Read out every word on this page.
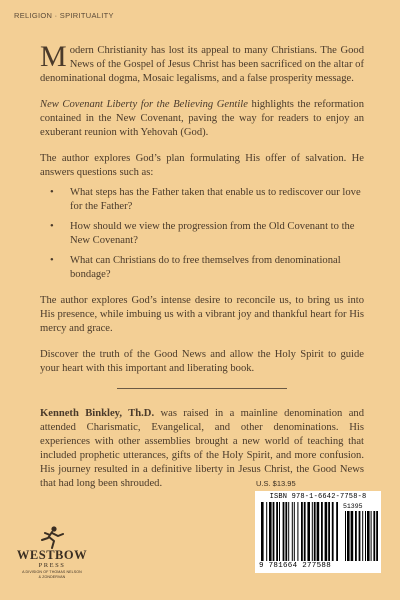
RELIGION · SPIRITUALITY

Modern Christianity has lost its appeal to many Christians. The Good News of the Gospel of Jesus Christ has been sacrificed on the altar of denominational dogma, Mosaic legalisms, and a false prosperity message.

New Covenant Liberty for the Believing Gentile highlights the reformation contained in the New Covenant, paving the way for readers to enjoy an exuberant reunion with Yehovah (God).

The author explores God’s plan formulating His offer of salvation. He answers questions such as:

• What steps has the Father taken that enable us to rediscover our love for the Father?
• How should we view the progression from the Old Covenant to the New Covenant?
• What can Christians do to free themselves from denominational bondage?

The author explores God’s intense desire to reconcile us, to bring us into His presence, while imbuing us with a vibrant joy and thankful heart for His mercy and grace.

Discover the truth of the Good News and allow the Holy Spirit to guide your heart with this important and liberating book.

Kenneth Binkley, Th.D. was raised in a mainline denomination and attended Charismatic, Evangelical, and other denominations. His experiences with other assemblies brought a new world of teaching that included prophetic utterances, gifts of the Holy Spirit, and more confusion. His journey resulted in a definitive liberty in Jesus Christ, the Good News that had long been shrouded.	U.S. $13.95
ISBN 978-1-6642-7758-8
51395
9 781664 277588
WESTBOW
PRESS
A DIVISION OF THOMAS NELSON
& ZONDERVAN
